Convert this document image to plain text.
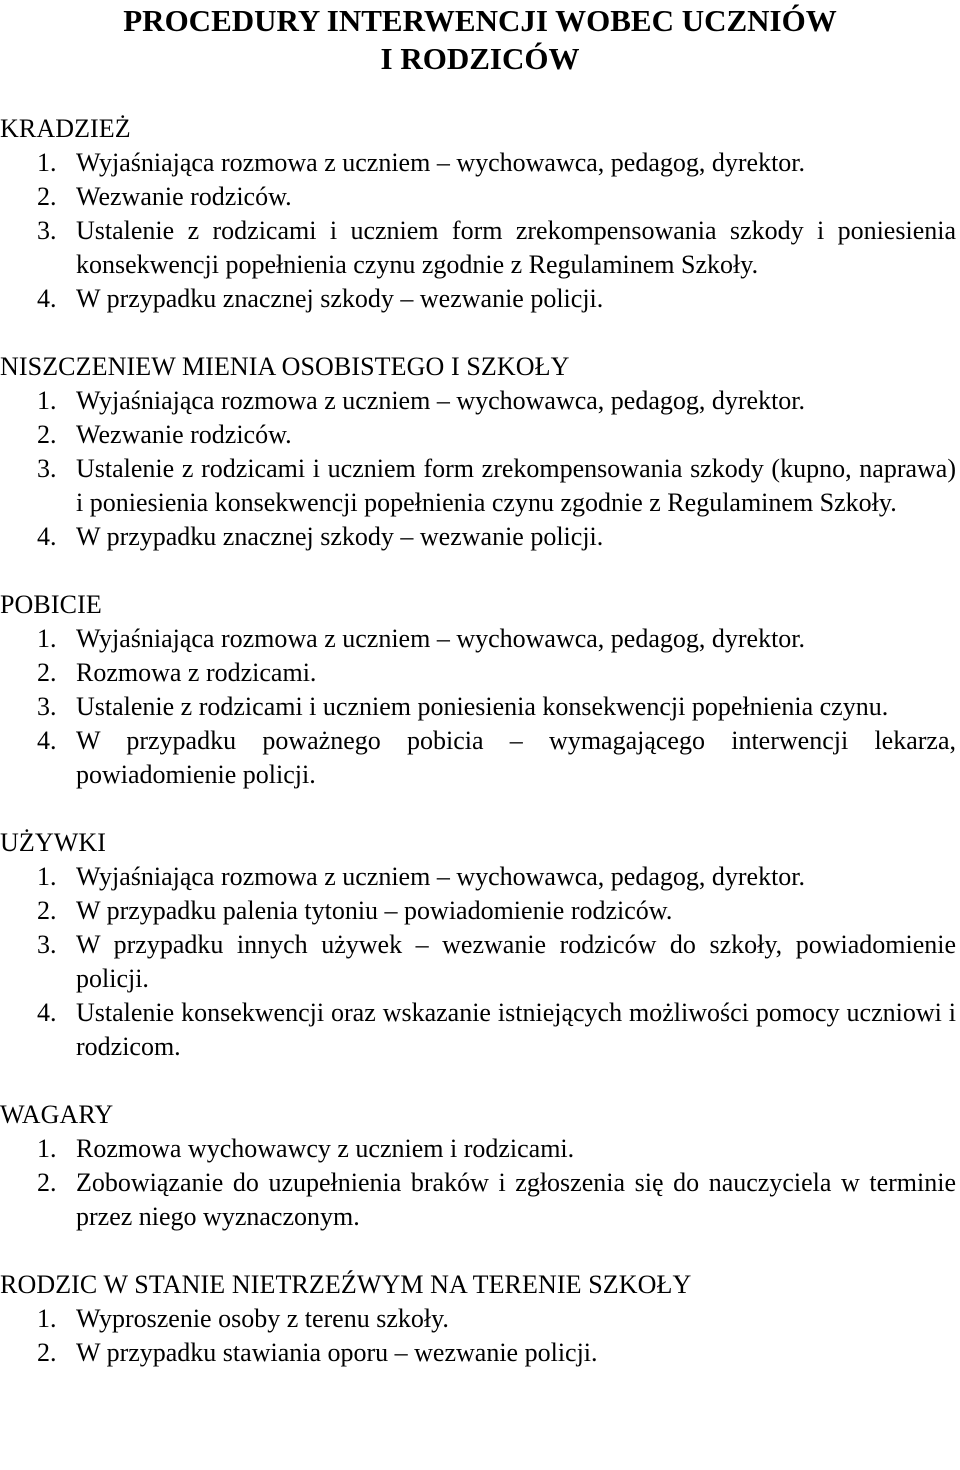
PROCEDURY INTERWENCJI WOBEC UCZNIÓW
I RODZICÓW
KRADZIEŻ
1. Wyjaśniająca rozmowa z uczniem – wychowawca, pedagog, dyrektor.
2. Wezwanie rodziców.
3. Ustalenie z rodzicami i uczniem form zrekompensowania szkody i poniesienia konsekwencji popełnienia czynu zgodnie z Regulaminem Szkoły.
4. W przypadku znacznej szkody – wezwanie policji.
NISZCZENIEW MIENIA OSOBISTEGO I SZKOŁY
1. Wyjaśniająca rozmowa z uczniem – wychowawca, pedagog, dyrektor.
2. Wezwanie rodziców.
3. Ustalenie z rodzicami i uczniem form zrekompensowania szkody (kupno, naprawa) i poniesienia konsekwencji popełnienia czynu zgodnie z Regulaminem Szkoły.
4. W przypadku znacznej szkody – wezwanie policji.
POBICIE
1. Wyjaśniająca rozmowa z uczniem – wychowawca, pedagog, dyrektor.
2. Rozmowa z rodzicami.
3. Ustalenie z rodzicami i uczniem poniesienia konsekwencji popełnienia czynu.
4. W przypadku poważnego pobicia – wymagającego interwencji lekarza, powiadomienie policji.
UŻYWKI
1. Wyjaśniająca rozmowa z uczniem – wychowawca, pedagog, dyrektor.
2. W przypadku palenia tytoniu – powiadomienie rodziców.
3. W przypadku innych używek – wezwanie rodziców do szkoły, powiadomienie policji.
4. Ustalenie konsekwencji oraz wskazanie istniejących możliwości pomocy uczniowi i rodzicom.
WAGARY
1. Rozmowa wychowawcy z uczniem i rodzicami.
2. Zobowiązanie do uzupełnienia braków i zgłoszenia się do nauczyciela w terminie przez niego wyznaczonym.
RODZIC W STANIE NIETRZEŹWYM NA TERENIE SZKOŁY
1. Wyproszenie osoby z terenu szkoły.
2. W przypadku stawiania oporu – wezwanie policji.
